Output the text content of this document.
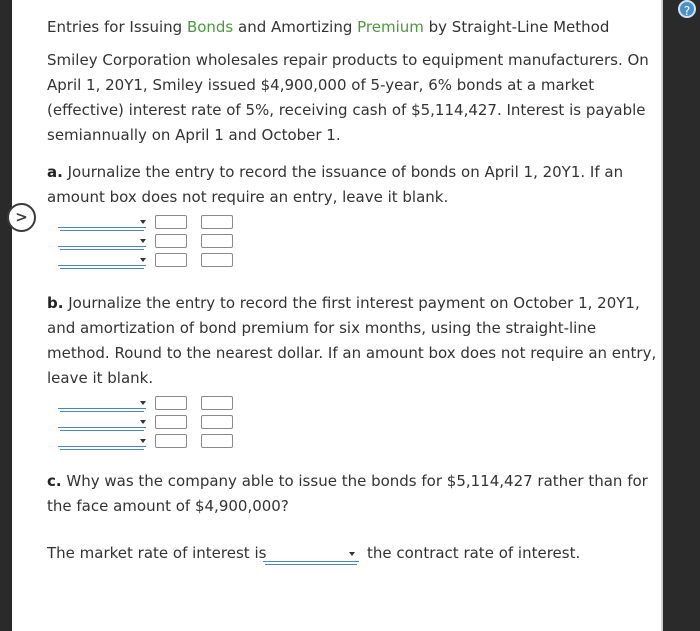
?
Entries for Issuing Bonds and Amortizing Premium by Straight-Line Method

Smiley Corporation wholesales repair products to equipment manufacturers. On April 1, 20Y1, Smiley issued $4,900,000 of 5-year, 6% bonds at a market (effective) interest rate of 5%, receiving cash of $5,114,427. Interest is payable semiannually on April 1 and October 1.

a. Journalize the entry to record the issuance of bonds on April 1, 20Y1. If an amount box does not require an entry, leave it blank.

>

b. Journalize the entry to record the first interest payment on October 1, 20Y1, and amortization of bond premium for six months, using the straight-line method. Round to the nearest dollar. If an amount box does not require an entry, leave it blank.

c. Why was the company able to issue the bonds for $5,114,427 rather than for the face amount of $4,900,000?

The market rate of interest is	the contract rate of interest.
